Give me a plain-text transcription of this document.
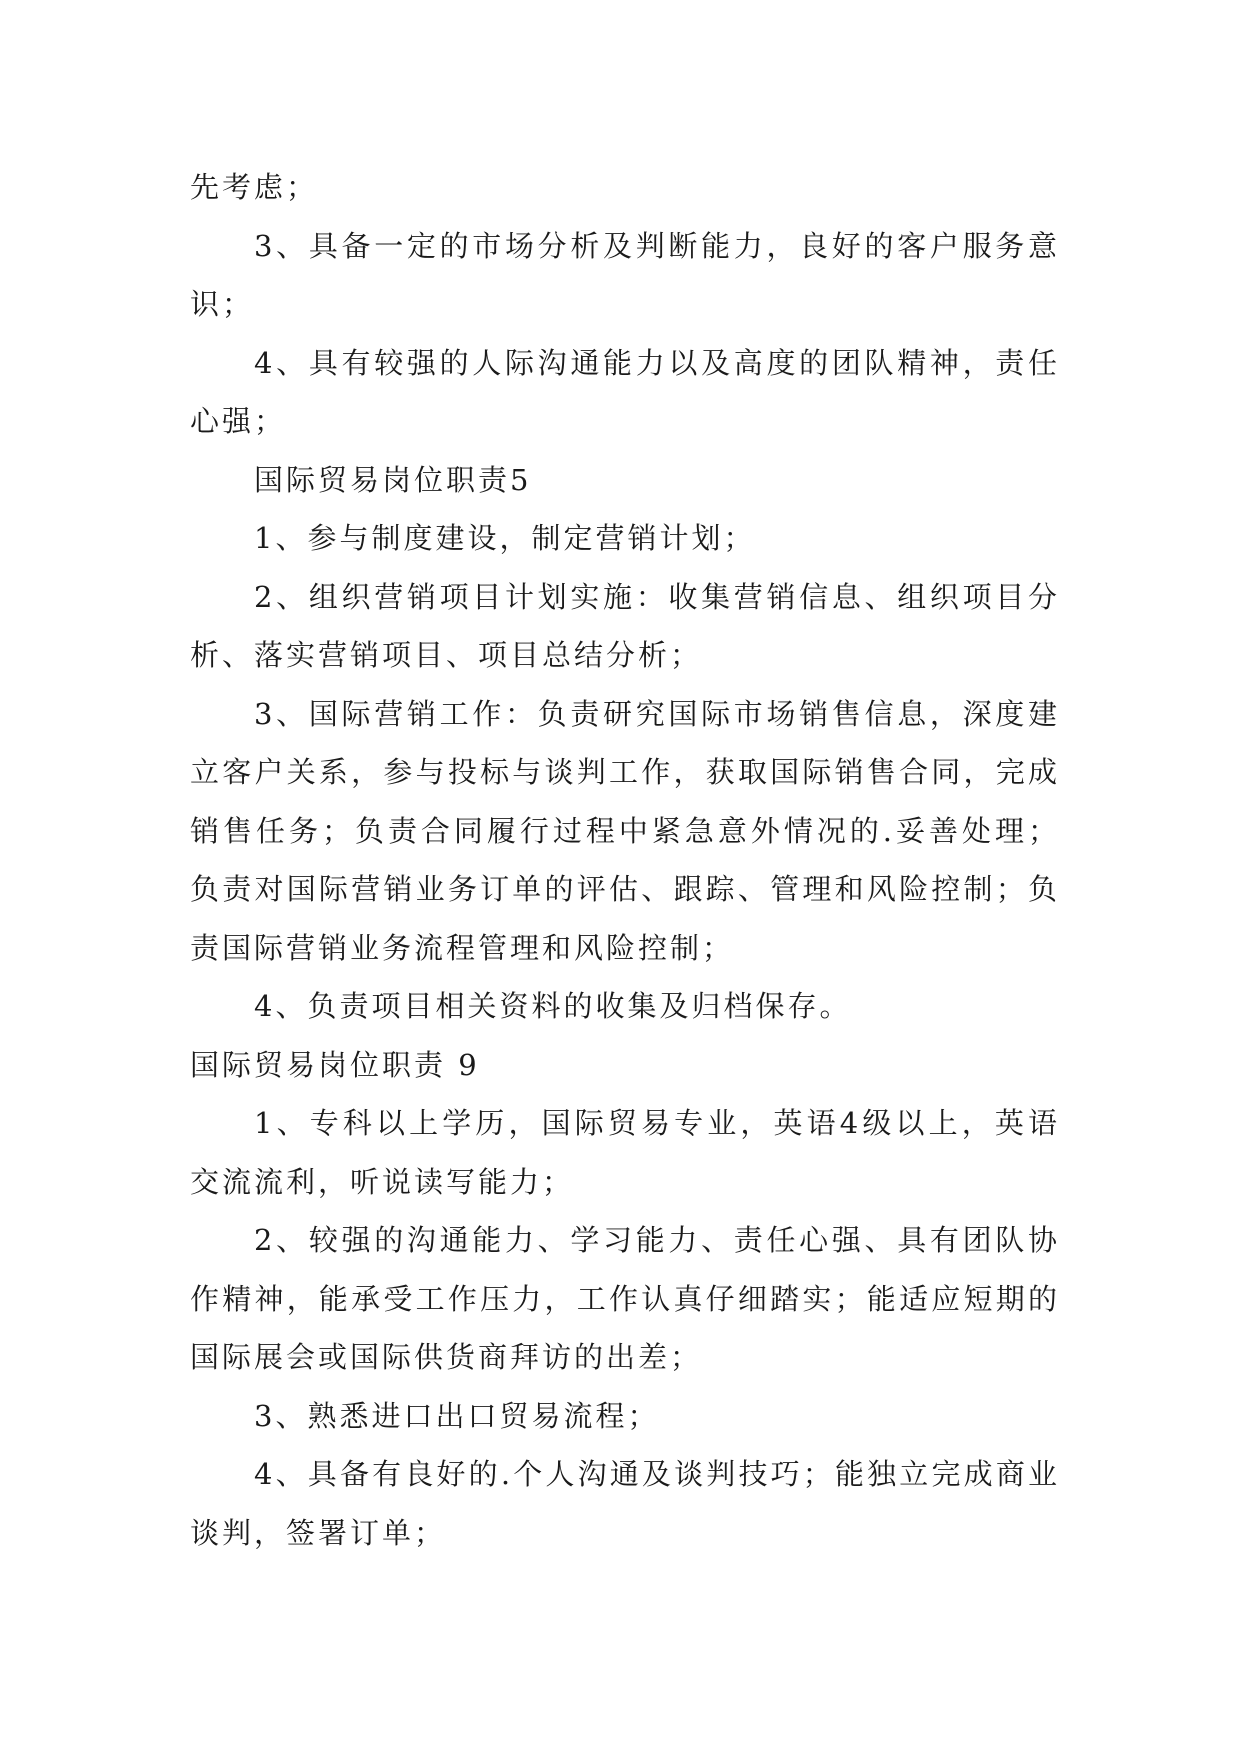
先考虑；

3、具备一定的市场分析及判断能力，良好的客户服务意识；

4、具有较强的人际沟通能力以及高度的团队精神，责任心强；

国际贸易岗位职责5

1、参与制度建设，制定营销计划；

2、组织营销项目计划实施：收集营销信息、组织项目分析、落实营销项目、项目总结分析；

3、国际营销工作：负责研究国际市场销售信息，深度建立客户关系，参与投标与谈判工作，获取国际销售合同，完成销售任务；负责合同履行过程中紧急意外情况的.妥善处理；负责对国际营销业务订单的评估、跟踪、管理和风险控制；负责国际营销业务流程管理和风险控制；

4、负责项目相关资料的收集及归档保存。

国际贸易岗位职责 9

1、专科以上学历，国际贸易专业，英语4级以上，英语交流流利，听说读写能力；

2、较强的沟通能力、学习能力、责任心强、具有团队协作精神，能承受工作压力，工作认真仔细踏实；能适应短期的国际展会或国际供货商拜访的出差；

3、熟悉进口出口贸易流程；

4、具备有良好的.个人沟通及谈判技巧；能独立完成商业谈判，签署订单；
